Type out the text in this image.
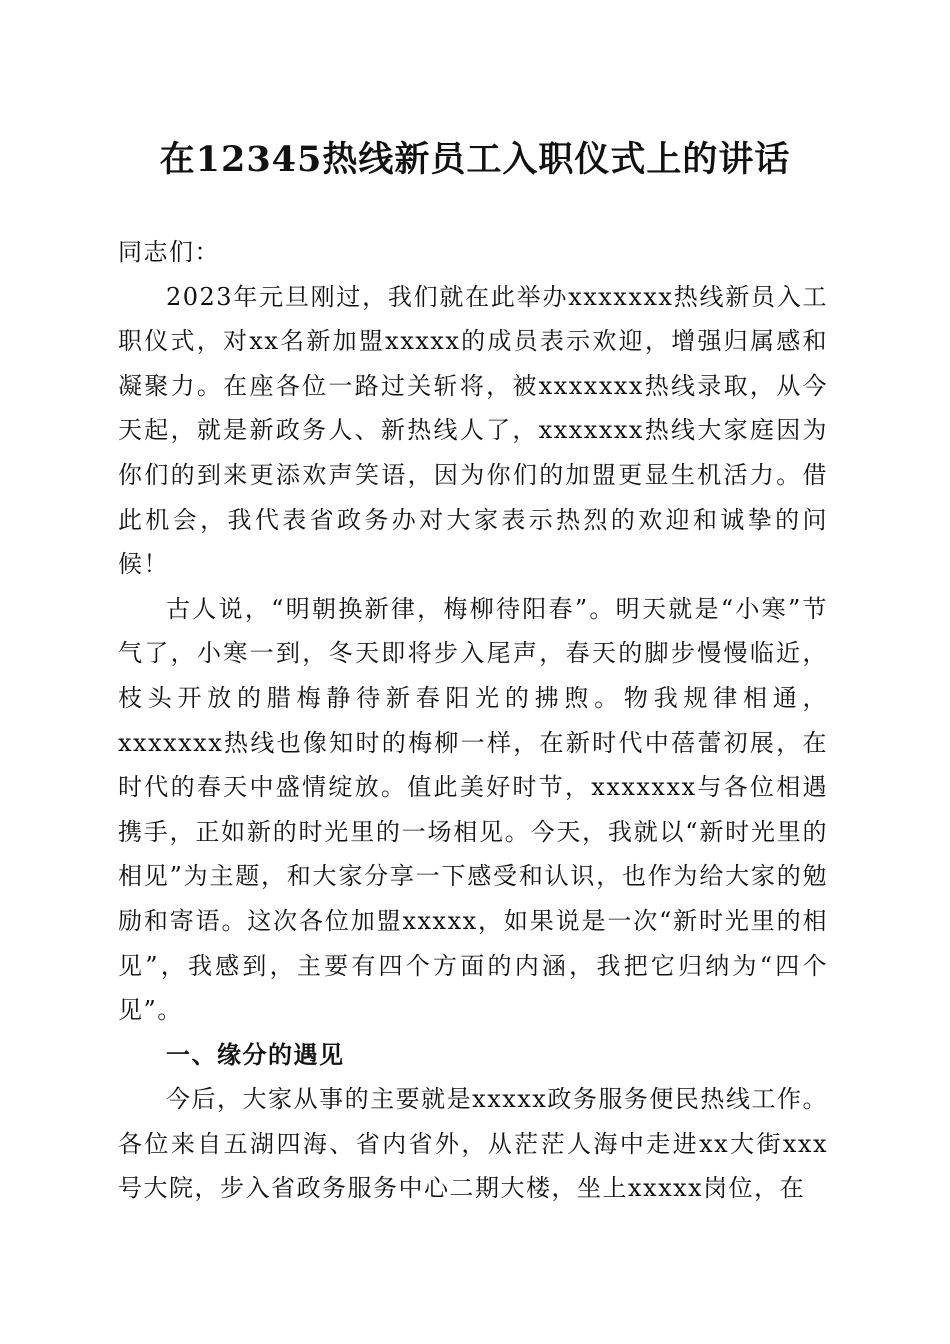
在12345热线新员工入职仪式上的讲话

同志们：

2023年元旦刚过，我们就在此举办xxxxxxx热线新员入工职仪式，对xx名新加盟xxxxx的成员表示欢迎，增强归属感和凝聚力。在座各位一路过关斩将，被xxxxxxx热线录取，从今天起，就是新政务人、新热线人了，xxxxxxx热线大家庭因为你们的到来更添欢声笑语，因为你们的加盟更显生机活力。借此机会，我代表省政务办对大家表示热烈的欢迎和诚挚的问候！

古人说，“明朝换新律，梅柳待阳春”。明天就是“小寒”节气了，小寒一到，冬天即将步入尾声，春天的脚步慢慢临近，枝头开放的腊梅静待新春阳光的拂煦。物我规律相通，xxxxxxx热线也像知时的梅柳一样，在新时代中蓓蕾初展，在时代的春天中盛情绽放。值此美好时节，xxxxxxx与各位相遇携手，正如新的时光里的一场相见。今天，我就以“新时光里的相见”为主题，和大家分享一下感受和认识，也作为给大家的勉励和寄语。这次各位加盟xxxxx，如果说是一次“新时光里的相见”，我感到，主要有四个方面的内涵，我把它归纳为“四个见”。

一、缘分的遇见

今后，大家从事的主要就是xxxxx政务服务便民热线工作。各位来自五湖四海、省内省外，从茫茫人海中走进xx大街xxx号大院，步入省政务服务中心二期大楼，坐上xxxxx岗位，在
